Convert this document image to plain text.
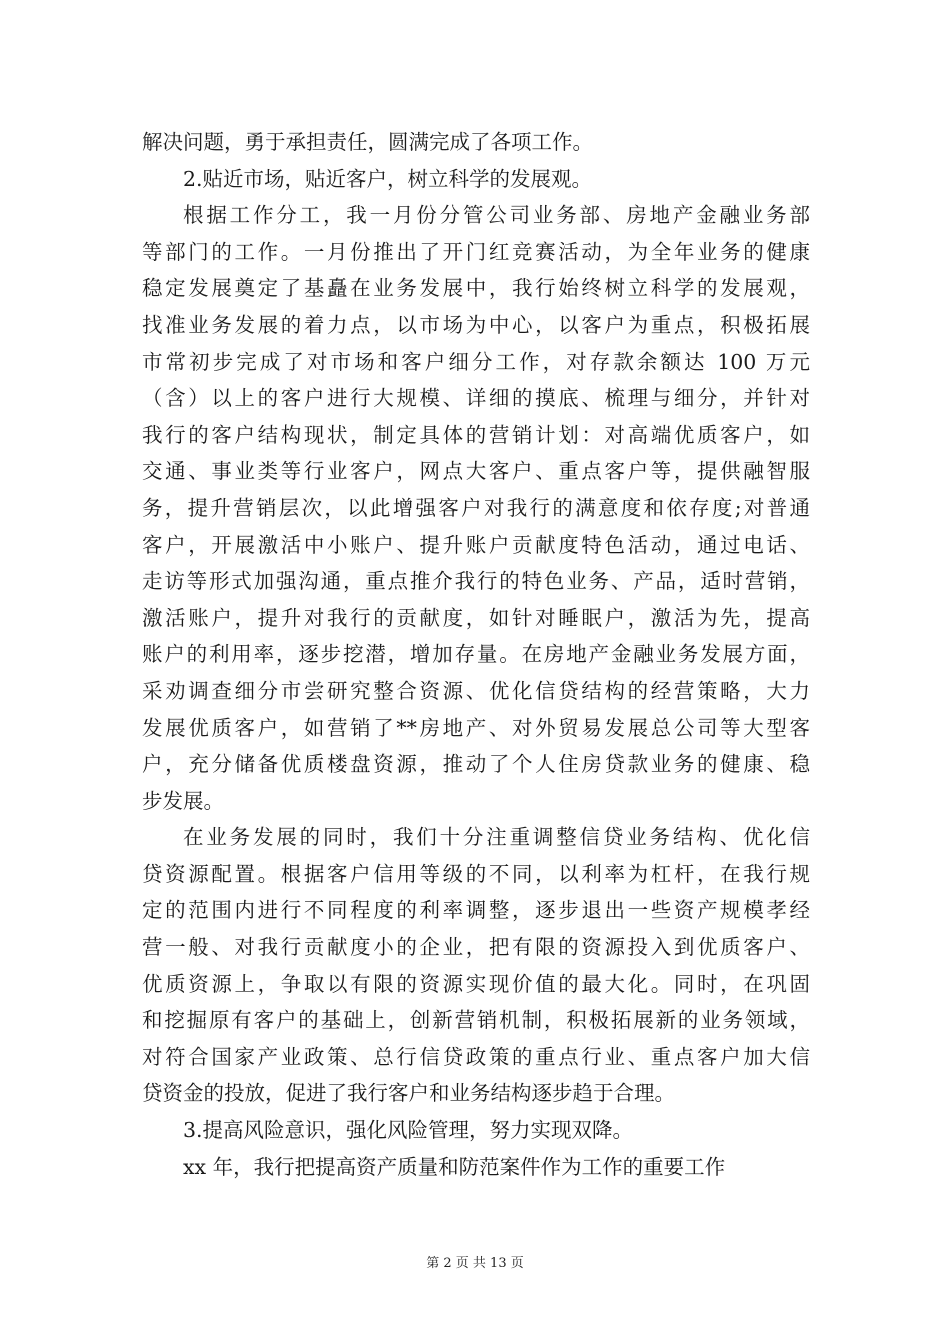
解决问题，勇于承担责任，圆满完成了各项工作。
2.贴近市场，贴近客户，树立科学的发展观。
根据工作分工，我一月份分管公司业务部、房地产金融业务部
等部门的工作。一月份推出了开门红竞赛活动，为全年业务的健康
稳定发展奠定了基矗在业务发展中，我行始终树立科学的发展观，
找准业务发展的着力点，以市场为中心，以客户为重点，积极拓展
市常初步完成了对市场和客户细分工作，对存款余额达 100 万元
（含）以上的客户进行大规模、详细的摸底、梳理与细分，并针对
我行的客户结构现状，制定具体的营销计划：对高端优质客户，如
交通、事业类等行业客户，网点大客户、重点客户等，提供融智服
务，提升营销层次，以此增强客户对我行的满意度和依存度;对普通
客户，开展激活中小账户、提升账户贡献度特色活动，通过电话、
走访等形式加强沟通，重点推介我行的特色业务、产品，适时营销，
激活账户，提升对我行的贡献度，如针对睡眠户，激活为先，提高
账户的利用率，逐步挖潜，增加存量。在房地产金融业务发展方面，
采劝调查细分市尝研究整合资源、优化信贷结构的经营策略，大力
发展优质客户，如营销了**房地产、对外贸易发展总公司等大型客
户，充分储备优质楼盘资源，推动了个人住房贷款业务的健康、稳
步发展。
在业务发展的同时，我们十分注重调整信贷业务结构、优化信
贷资源配置。根据客户信用等级的不同，以利率为杠杆，在我行规
定的范围内进行不同程度的利率调整，逐步退出一些资产规模孝经
营一般、对我行贡献度小的企业，把有限的资源投入到优质客户、
优质资源上，争取以有限的资源实现价值的最大化。同时，在巩固
和挖掘原有客户的基础上，创新营销机制，积极拓展新的业务领域，
对符合国家产业政策、总行信贷政策的重点行业、重点客户加大信
贷资金的投放，促进了我行客户和业务结构逐步趋于合理。
3.提高风险意识，强化风险管理，努力实现双降。
xx 年，我行把提高资产质量和防范案件作为工作的重要工作
第 2 页 共 13 页
